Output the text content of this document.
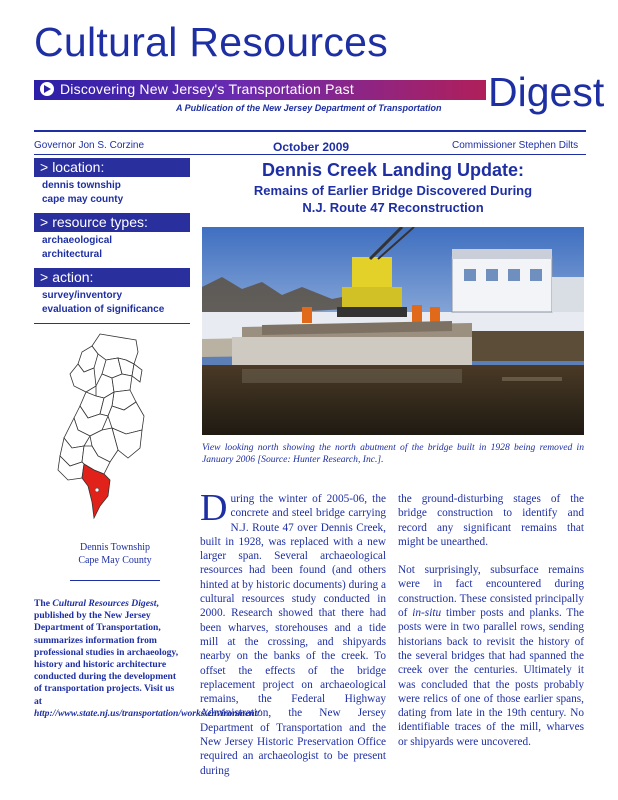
Cultural Resources
Discovering New Jersey's Transportation Past	Digest
A Publication of the New Jersey Department of Transportation
Governor Jon S. Corzine	October 2009	Commissioner Stephen Dilts
> location:
dennis township
cape may county
> resource types:
archaeological
architectural
> action:
survey/inventory
evaluation of significance
Dennis Township
Cape May County
The Cultural Resources Digest, published by the New Jersey Department of Transportation, summarizes information from professional studies in archaeology, history and historic architecture conducted during the development of transportation projects. Visit us at http://www.state.nj.us/transportation/works/environment/
Dennis Creek Landing Update:
Remains of Earlier Bridge Discovered During
N.J. Route 47 Reconstruction
View looking north showing the north abutment of the bridge built in 1928 being removed in January 2006 [Source: Hunter Research, Inc.].

During the winter of 2005-06, the concrete and steel bridge carrying N.J. Route 47 over Dennis Creek, built in 1928, was replaced with a new larger span. Several archaeological resources had been found (and others hinted at by historic documents) during a cultural resources study conducted in 2000. Research showed that there had been wharves, storehouses and a tide mill at the crossing, and shipyards nearby on the banks of the creek. To offset the effects of the bridge replacement project on archaeological remains, the Federal Highway Administration, the New Jersey Department of Transportation and the New Jersey Historic Preservation Office required an archaeologist to be present during

the ground-disturbing stages of the bridge construction to identify and record any significant remains that might be unearthed.

Not surprisingly, subsurface remains were in fact encountered during construction. These consisted principally of in-situ timber posts and planks. The posts were in two parallel rows, sending historians back to revisit the history of the several bridges that had spanned the creek over the centuries. Ultimately it was concluded that the posts probably were relics of one of those earlier spans, dating from late in the 19th century. No identifiable traces of the mill, wharves or shipyards were uncovered.
